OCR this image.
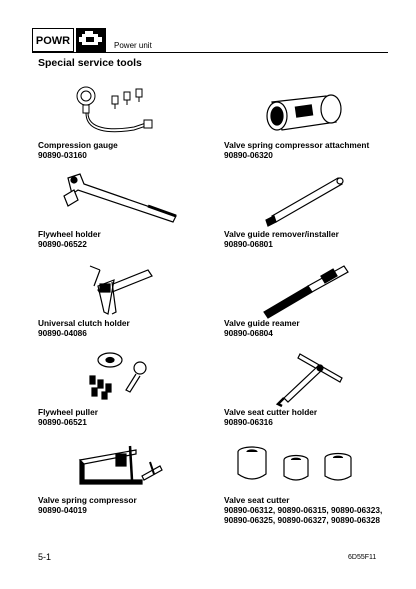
POWR	Power unit
Special service tools
Compression gauge
90890-03160
Valve spring compressor attachment
90890-06320
Flywheel holder
90890-06522
Valve guide remover/installer
90890-06801
Universal clutch holder
90890-04086
Valve guide reamer
90890-06804
Flywheel puller
90890-06521
Valve seat cutter holder
90890-06316
Valve spring compressor
90890-04019
Valve seat cutter
90890-06312, 90890-06315, 90890-06323,
90890-06325, 90890-06327, 90890-06328
5-1	6D55F11
